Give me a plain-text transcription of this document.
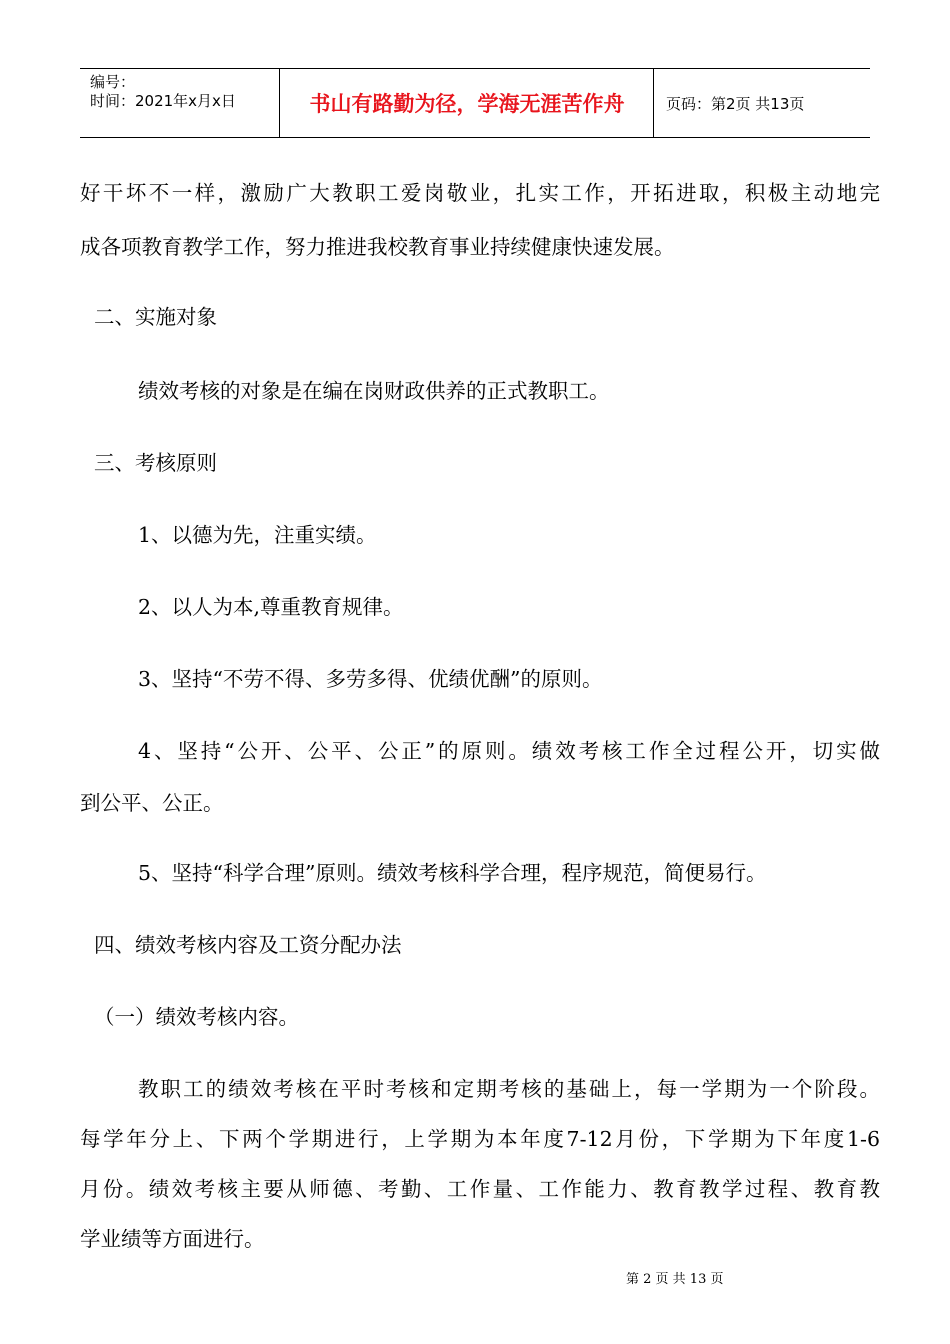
编号：
时间：2021年x月x日	书山有路勤为径，学海无涯苦作舟	页码：第2页 共13页
好干坏不一样，激励广大教职工爱岗敬业，扎实工作，开拓进取，积极主动地完
成各项教育教学工作，努力推进我校教育事业持续健康快速发展。
二、实施对象
绩效考核的对象是在编在岗财政供养的正式教职工。
三、考核原则
1、以德为先，注重实绩。
2、以人为本,尊重教育规律。
3、坚持“不劳不得、多劳多得、优绩优酬”的原则。
4、坚持“公开、公平、公正”的原则。绩效考核工作全过程公开，切实做
到公平、公正。
5、坚持“科学合理”原则。绩效考核科学合理，程序规范，简便易行。
四、绩效考核内容及工资分配办法
（一）绩效考核内容。
教职工的绩效考核在平时考核和定期考核的基础上，每一学期为一个阶段。
每学年分上、下两个学期进行，上学期为本年度7-12月份，下学期为下年度1-6
月份。绩效考核主要从师德、考勤、工作量、工作能力、教育教学过程、教育教
学业绩等方面进行。
第 2 页 共 13 页
